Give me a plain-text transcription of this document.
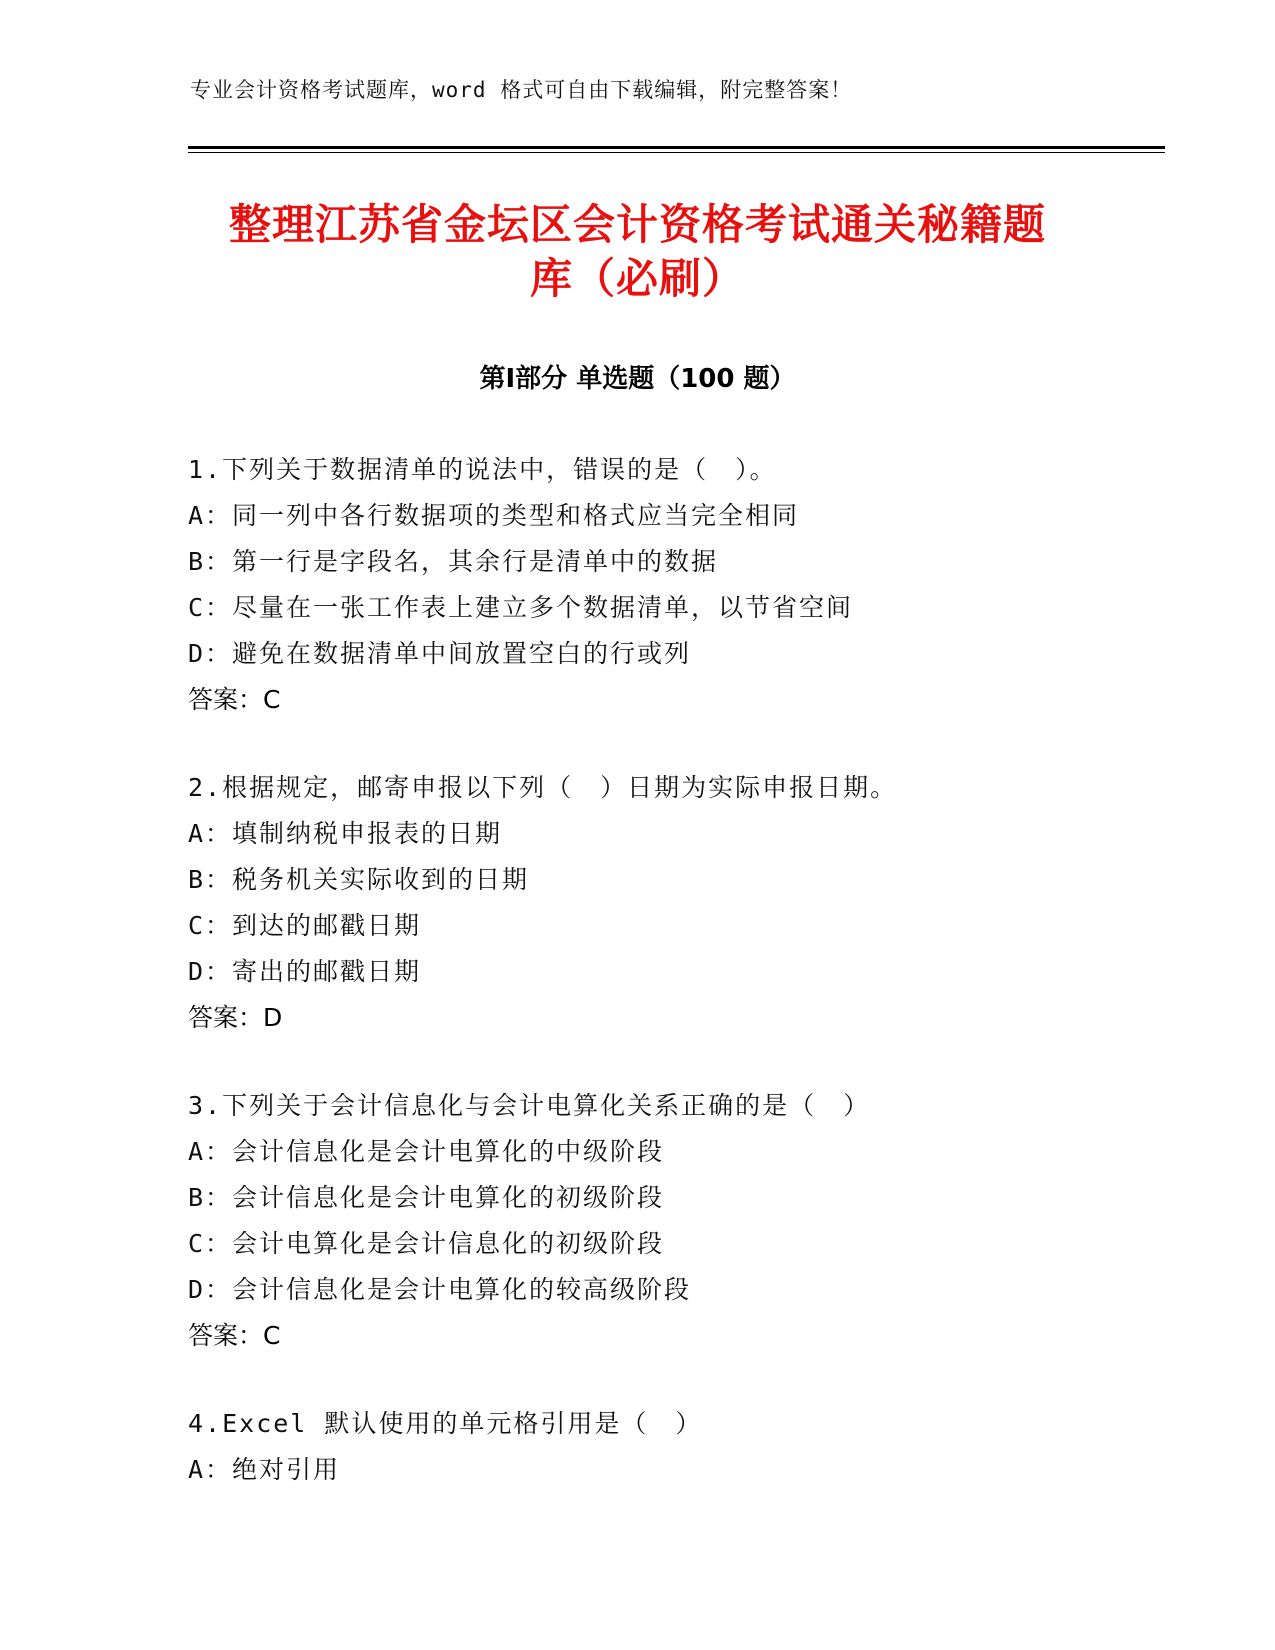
专业会计资格考试题库，word 格式可自由下载编辑，附完整答案！
整理江苏省金坛区会计资格考试通关秘籍题
库（必刷）
第Ⅰ部分 单选题（100 题）
1.下列关于数据清单的说法中，错误的是（　）。
A：同一列中各行数据项的类型和格式应当完全相同
B：第一行是字段名，其余行是清单中的数据
C：尽量在一张工作表上建立多个数据清单，以节省空间
D：避免在数据清单中间放置空白的行或列
答案：C
2.根据规定，邮寄申报以下列（　）日期为实际申报日期。
A：填制纳税申报表的日期
B：税务机关实际收到的日期
C：到达的邮戳日期
D：寄出的邮戳日期
答案：D
3.下列关于会计信息化与会计电算化关系正确的是（　）
A：会计信息化是会计电算化的中级阶段
B：会计信息化是会计电算化的初级阶段
C：会计电算化是会计信息化的初级阶段
D：会计信息化是会计电算化的较高级阶段
答案：C
4.Excel 默认使用的单元格引用是（　）
A：绝对引用
